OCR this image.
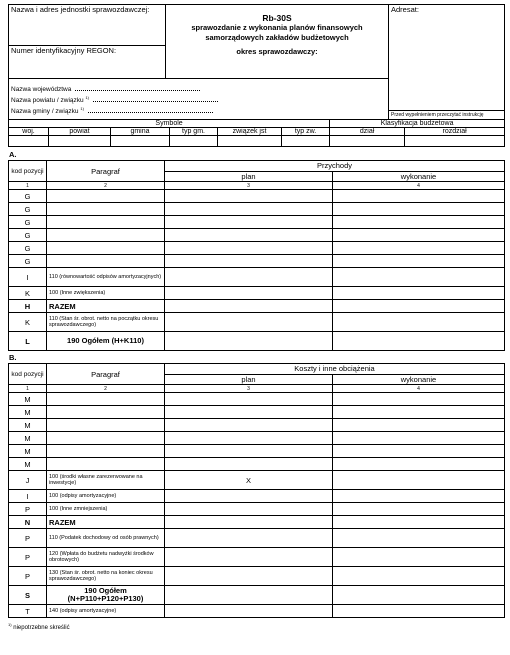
Nazwa i adres jednostki sprawozdawczej:	
Rb-30S
sprawozdanie z wykonania planów finansowych samorządowych zakładów budżetowych
okres sprawozdawczy:

Adresat:
Przed wypełnieniem przeczytać instrukcję

Numer identyfikacyjny REGON:

Nazwa województwa
Nazwa powiatu / związku $^{1)}$
Nazwa gminy / związku $^{1)}$
Symbole						Klasyfikacja budżetowa	
woj.	powiat	gmina	typ gm.	związek jst	typ zw.	dział	rozdział

A.
kod pozycji	Paragraf	Przychody	
		plan	wykonanie
1	2	3	4
G			
G			
G			
G			
G			
G			
I	110 (równowartość odpisów amortyzacyjnych)		
K	100 (Inne zwiększenia)		
H	RAZEM		
K	110 (Stan śr. obrot. netto na początku okresu sprawozdawczego)		
L	190 Ogółem (H+K110)		
B.
kod pozycji	Paragraf	Koszty i inne obciążenia	
		plan	wykonanie
1	2	3	4
M			
M			
M			
M			
M			
M			
J	100 (środki własne zarezerwowane na inwestycje)	X	
I	100 (odpisy amortyzacyjne)		
P	100 (Inne zmniejszenia)		
N	RAZEM		
P	110 (Podatek dochodowy od osób prawnych)		
P	120 (Wpłata do budżetu nadwyżki środków obrotowych)		
P	130 (Stan śr. obrot. netto na koniec okresu sprawozdawczego)		
S	190 Ogółem (N+P110+P120+P130)		
T	140 (odpisy amortyzacyjne)		
$^{1)}$ niepotrzebne skreślić
